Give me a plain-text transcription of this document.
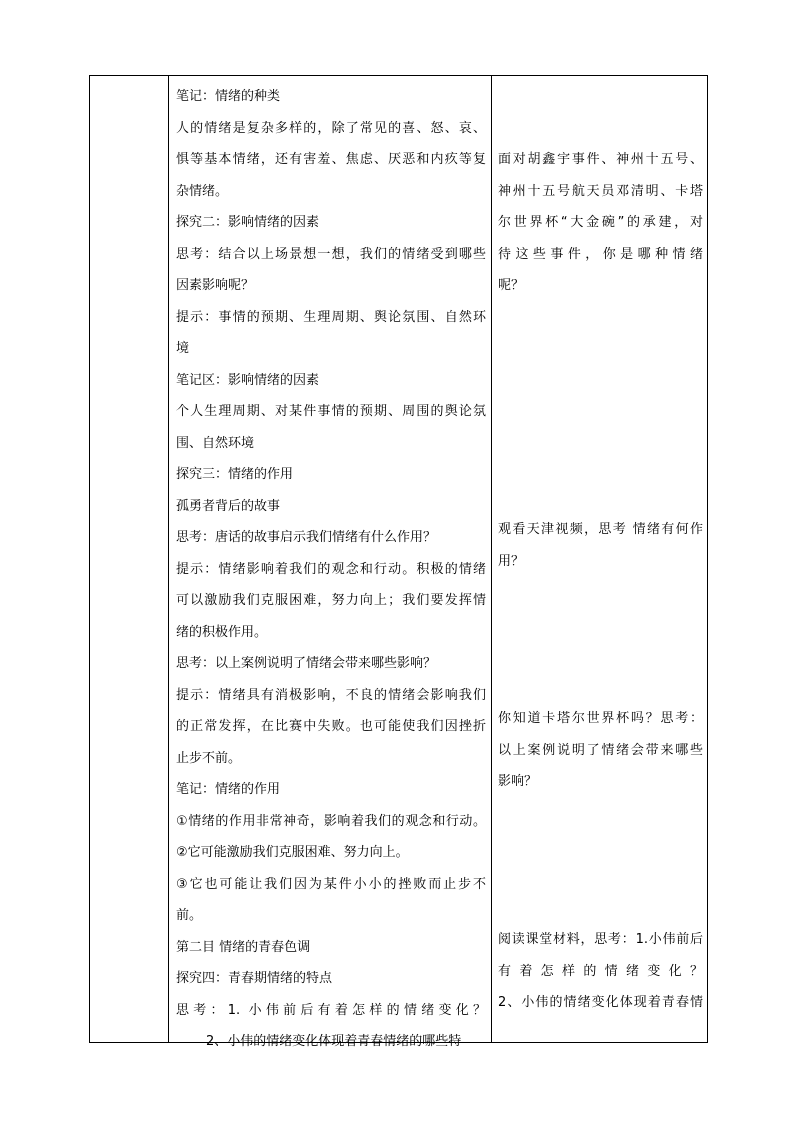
笔记：情绪的种类
人的情绪是复杂多样的，除了常见的喜、怒、哀、
惧等基本情绪，还有害羞、焦虑、厌恶和内疚等复
杂情绪。
探究二：影响情绪的因素
思考：结合以上场景想一想，我们的情绪受到哪些
因素影响呢？
提示：事情的预期、生理周期、舆论氛围、自然环
境
笔记区：影响情绪的因素
个人生理周期、对某件事情的预期、周围的舆论氛
围、自然环境
探究三：情绪的作用
孤勇者背后的故事
思考：唐话的故事启示我们情绪有什么作用？
提示：情绪影响着我们的观念和行动。积极的情绪
可以激励我们克服困难，努力向上；我们要发挥情
绪的积极作用。
思考：以上案例说明了情绪会带来哪些影响？
提示：情绪具有消极影响，不良的情绪会影响我们
的正常发挥，在比赛中失败。也可能使我们因挫折
止步不前。
笔记：情绪的作用
①情绪的作用非常神奇，影响着我们的观念和行动。
②它可能激励我们克服困难、努力向上。
③它也可能让我们因为某件小小的挫败而止步不
前。
第二目 情绪的青春色调
探究四：青春期情绪的特点
思考：1. 小伟前后有着怎样的情绪变化？
2、小伟的情绪变化体现着青春情绪的哪些特
面对胡鑫宇事件、神州十五号、
神州十五号航天员邓清明、卡塔
尔世界杯“大金碗”的承建，对
待这些事件，你是哪种情绪
呢？
观看天津视频，思考 情绪有何作
用？
你知道卡塔尔世界杯吗？思考：
以上案例说明了情绪会带来哪些
影响？
阅读课堂材料，思考：1.小伟前后
有着怎样的情绪变化？
2、小伟的情绪变化体现着青春情
